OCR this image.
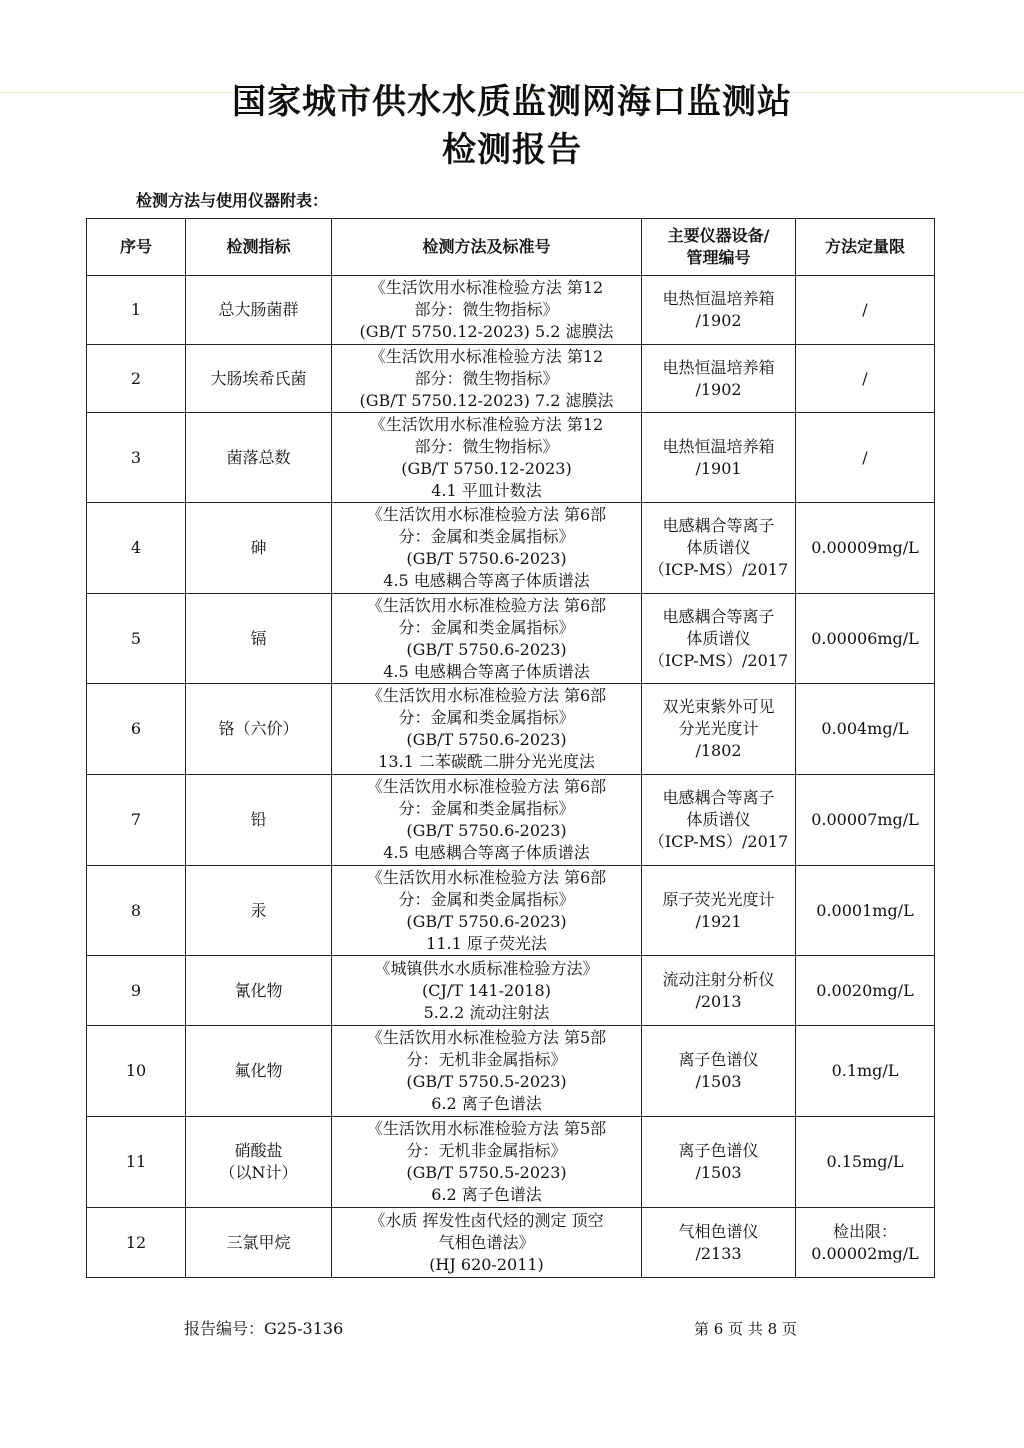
国家城市供水水质监测网海口监测站
检测报告
检测方法与使用仪器附表：
序号	检测指标	检测方法及标准号	主要仪器设备/
管理编号	方法定量限
1	总大肠菌群	《生活饮用水标准检验方法 第12
部分：微生物指标》
(GB/T 5750.12-2023) 5.2 滤膜法	电热恒温培养箱
/1902	/

2	大肠埃希氏菌	《生活饮用水标准检验方法 第12
部分：微生物指标》
(GB/T 5750.12-2023) 7.2 滤膜法	电热恒温培养箱
/1902	/

3	菌落总数	《生活饮用水标准检验方法 第12
部分：微生物指标》
(GB/T 5750.12-2023)
4.1 平皿计数法	电热恒温培养箱
/1901	/

4	砷	《生活饮用水标准检验方法 第6部
分：金属和类金属指标》
(GB/T 5750.6-2023)
4.5 电感耦合等离子体质谱法	电感耦合等离子
体质谱仪
（ICP-MS）/2017	0.00009mg/L

5	镉	《生活饮用水标准检验方法 第6部
分：金属和类金属指标》
(GB/T 5750.6-2023)
4.5 电感耦合等离子体质谱法	电感耦合等离子
体质谱仪
（ICP-MS）/2017	0.00006mg/L

6	铬（六价）	《生活饮用水标准检验方法 第6部
分：金属和类金属指标》
(GB/T 5750.6-2023)
13.1 二苯碳酰二肼分光光度法	双光束紫外可见
分光光度计
/1802	0.004mg/L

7	铅	《生活饮用水标准检验方法 第6部
分：金属和类金属指标》
(GB/T 5750.6-2023)
4.5 电感耦合等离子体质谱法	电感耦合等离子
体质谱仪
（ICP-MS）/2017	0.00007mg/L

8	汞	《生活饮用水标准检验方法 第6部
分：金属和类金属指标》
(GB/T 5750.6-2023)
11.1 原子荧光法	原子荧光光度计
/1921	0.0001mg/L

9	氰化物	《城镇供水水质标准检验方法》
(CJ/T 141-2018)
5.2.2 流动注射法	流动注射分析仪
/2013	0.0020mg/L

10	氟化物	《生活饮用水标准检验方法 第5部
分：无机非金属指标》
(GB/T 5750.5-2023)
6.2 离子色谱法	离子色谱仪
/1503	0.1mg/L

11	硝酸盐
（以N计）	《生活饮用水标准检验方法 第5部
分：无机非金属指标》
(GB/T 5750.5-2023)
6.2 离子色谱法	离子色谱仪
/1503	0.15mg/L

12	三氯甲烷	《水质 挥发性卤代烃的测定 顶空
气相色谱法》
(HJ 620-2011)	气相色谱仪
/2133	检出限：
0.00002mg/L
报告编号：G25-3136	第 6 页 共 8 页
